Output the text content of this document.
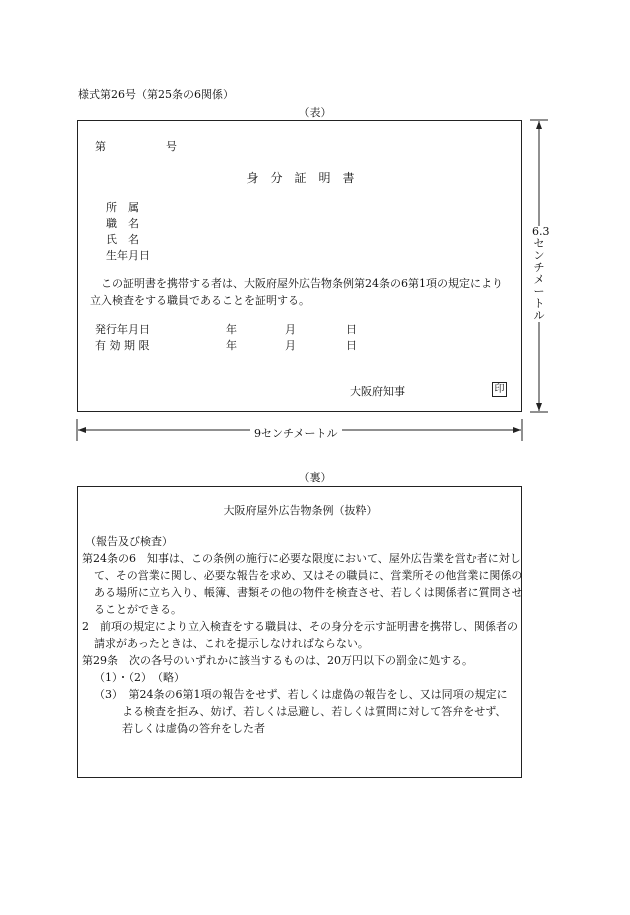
様式第26号（第25条の6関係）
（表）
第	号
身　分　証　明　書
所　属
職　名
氏　名
生年月日
この証明書を携帯する者は、大阪府屋外広告物条例第24条の6第1項の規定により
立入検査をする職員であることを証明する。
発行年月日	年	月	日
有 効 期 限	年	月	日
大阪府知事	印
6.3センチメートル
9センチメートル
（裏）
大阪府屋外広告物条例（抜粋）
（報告及び検査）
第24条の6　知事は、この条例の施行に必要な限度において、屋外広告業を営む者に対して、その営業に関し、必要な報告を求め、又はその職員に、営業所その他営業に関係のある場所に立ち入り、帳簿、書類その他の物件を検査させ、若しくは関係者に質問させることができる。
2　前項の規定により立入検査をする職員は、その身分を示す証明書を携帯し、関係者の請求があったときは、これを提示しなければならない。
第29条　次の各号のいずれかに該当するものは、20万円以下の罰金に処する。
（1）・（2）　（略）
（3）　第24条の6第1項の報告をせず、若しくは虚偽の報告をし、又は同項の規定による検査を拒み、妨げ、若しくは忌避し、若しくは質問に対して答弁をせず、若しくは虚偽の答弁をした者
